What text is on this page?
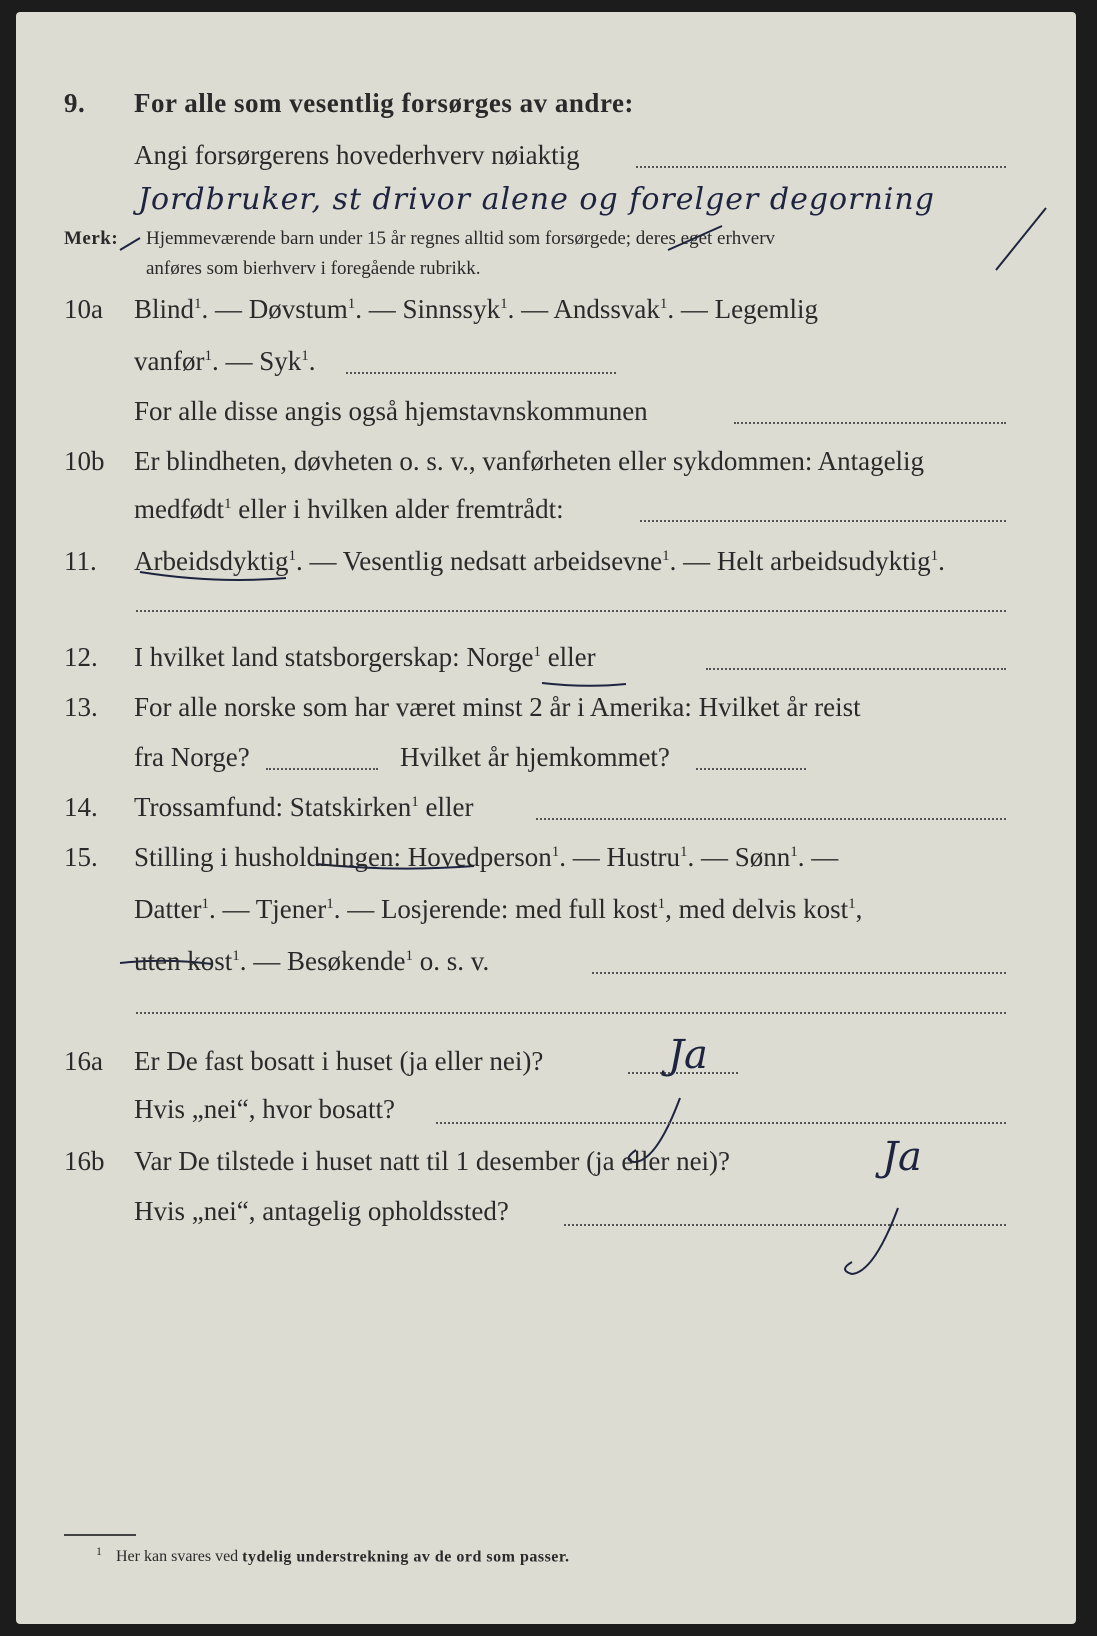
9. For alle som vesentlig forsørges av andre:
Angi forsørgerens hovederhverv nøiaktig
Jordbruker, st drivor alene og forelger degorning
Merk: Hjemmeværende barn under 15 år regnes alltid som forsørgede; deres eget erhverv
anføres som bierhverv i foregående rubrikk.
10a Blind$^1$. — Døvstum$^1$. — Sinnssyk$^1$. — Andssvak$^1$. — Legemlig
vanfør$^1$. — Syk$^1$.
For alle disse angis også hjemstavnskommunen
10b Er blindheten, døvheten o. s. v., vanførheten eller sykdommen: Antagelig
medfødt$^1$ eller i hvilken alder fremtrådt:
11. Arbeidsdyktig$^1$. — Vesentlig nedsatt arbeidsevne$^1$. — Helt arbeidsudyktig$^1$.
12. I hvilket land statsborgerskap: Norge$^1$ eller
13. For alle norske som har været minst 2 år i Amerika: Hvilket år reist
fra Norge?	Hvilket år hjemkommet?
14. Trossamfund: Statskirken$^1$ eller
15. Stilling i husholdningen: Hovedperson$^1$. — Hustru$^1$. — Sønn$^1$. —
Datter$^1$. — Tjener$^1$. — Losjerende: med full kost$^1$, med delvis kost$^1$,
uten kost$^1$. — Besøkende$^1$ o. s. v.
16a Er De fast bosatt i huset (ja eller nei)?	Ja
Hvis „nei“, hvor bosatt?
16b Var De tilstede i huset natt til 1 desember (ja eller nei)?	Ja
Hvis „nei“, antagelig opholdssted?
$^1$ Her kan svares ved tydelig understrekning av de ord som passer.
